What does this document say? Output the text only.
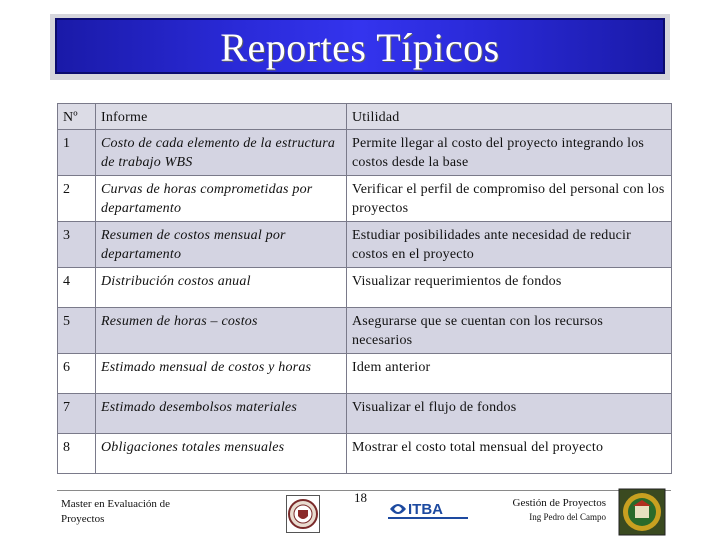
Reportes Típicos
Nº	Informe	Utilidad
1	Costo de cada elemento de la estructura de trabajo WBS	Permite llegar al costo del proyecto integrando los costos desde la base
2	Curvas de horas comprometidas por departamento	Verificar el perfil de compromiso del personal con los proyectos
3	Resumen de costos mensual por departamento	Estudiar posibilidades ante necesidad de reducir costos en el proyecto
4	Distribución costos anual	Visualizar requerimientos de fondos
5	Resumen de horas – costos	Asegurarse que se cuentan con los recursos necesarios
6	Estimado mensual de costos y horas	Idem anterior
7	Estimado desembolsos materiales	Visualizar el flujo de fondos
8	Obligaciones totales mensuales	Mostrar el costo total mensual del proyecto
Master en Evaluación de
Proyectos
18
ITBA	Gestión de Proyectos
Ing Pedro del Campo
